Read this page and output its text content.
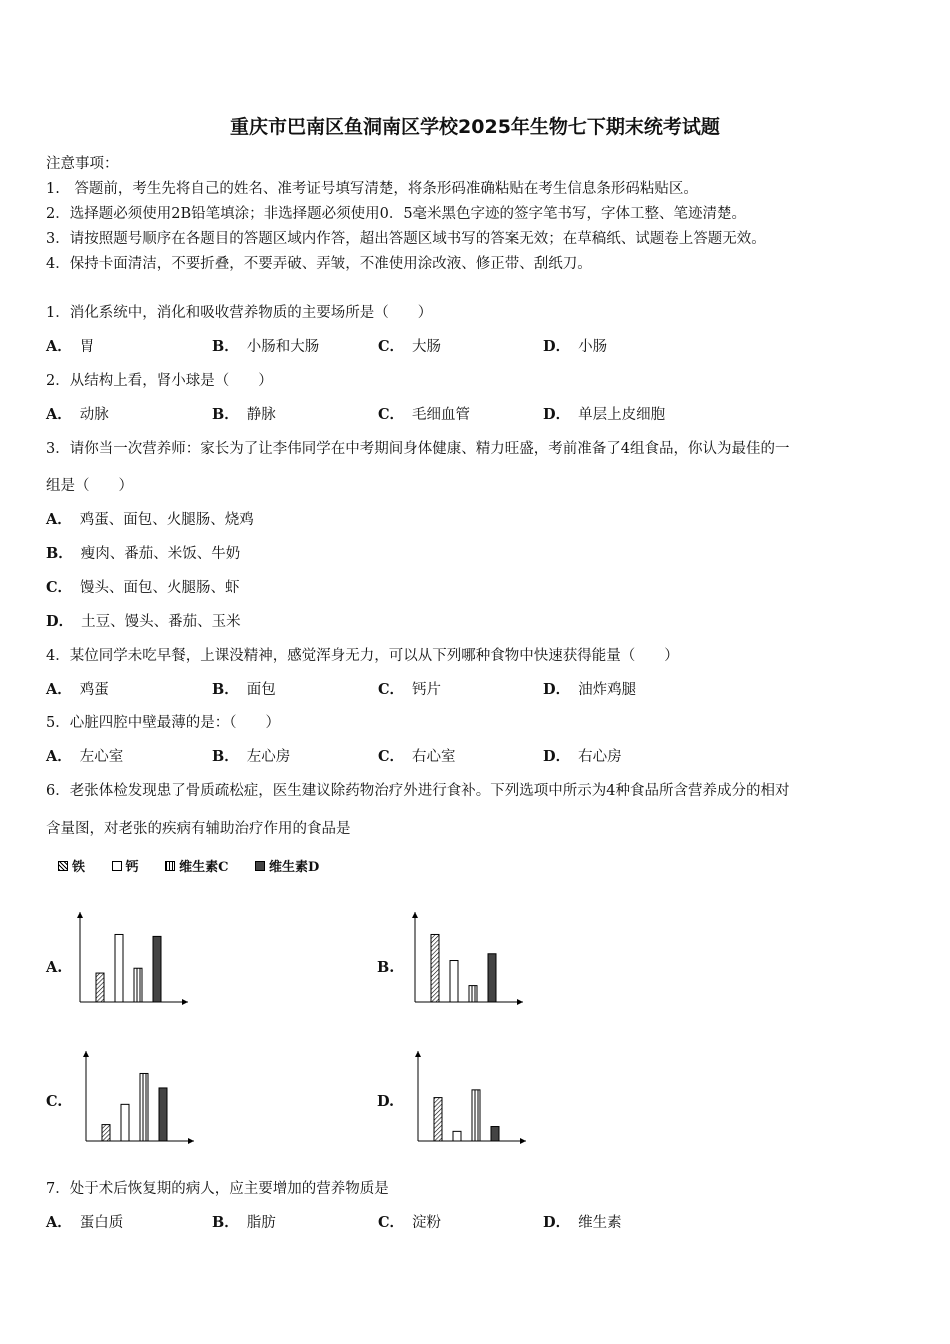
重庆市巴南区鱼洞南区学校2025年生物七下期末统考试题
注意事项：
1.　答题前，考生先将自己的姓名、准考证号填写清楚，将条形码准确粘贴在考生信息条形码粘贴区。
2．选择题必须使用2B铅笔填涂；非选择题必须使用0．5毫米黑色字迹的签字笔书写，字体工整、笔迹清楚。
3．请按照题号顺序在各题目的答题区域内作答，超出答题区域书写的答案无效；在草稿纸、试题卷上答题无效。
4．保持卡面清洁，不要折叠，不要弄破、弄皱，不准使用涂改液、修正带、刮纸刀。
1．消化系统中，消化和吸收营养物质的主要场所是（　　）
A． 胃	B． 小肠和大肠	C． 大肠	D． 小肠
2．从结构上看，肾小球是（　　）
A． 动脉	B． 静脉	C． 毛细血管	D． 单层上皮细胞
3．请你当一次营养师：家长为了让李伟同学在中考期间身体健康、精力旺盛，考前准备了4组食品，你认为最佳的一
组是（　　）
A． 鸡蛋、面包、火腿肠、烧鸡
B． 瘦肉、番茄、米饭、牛奶
C． 馒头、面包、火腿肠、虾
D． 土豆、馒头、番茄、玉米
4．某位同学未吃早餐，上课没精神，感觉浑身无力，可以从下列哪种食物中快速获得能量（　　）
A． 鸡蛋	B． 面包	C． 钙片	D． 油炸鸡腿
5．心脏四腔中壁最薄的是：（　　）
A． 左心室	B． 左心房	C． 右心室	D． 右心房
6．老张体检发现患了骨质疏松症，医生建议除药物治疗外进行食补。下列选项中所示为4种食品所含营养成分的相对
含量图，对老张的疾病有辅助治疗作用的食品是
铁
	钙
	维生素C
	维生素D
A.	B.
C.	D.
7．处于术后恢复期的病人，应主要增加的营养物质是
A． 蛋白质	B． 脂肪	C． 淀粉	D． 维生素
